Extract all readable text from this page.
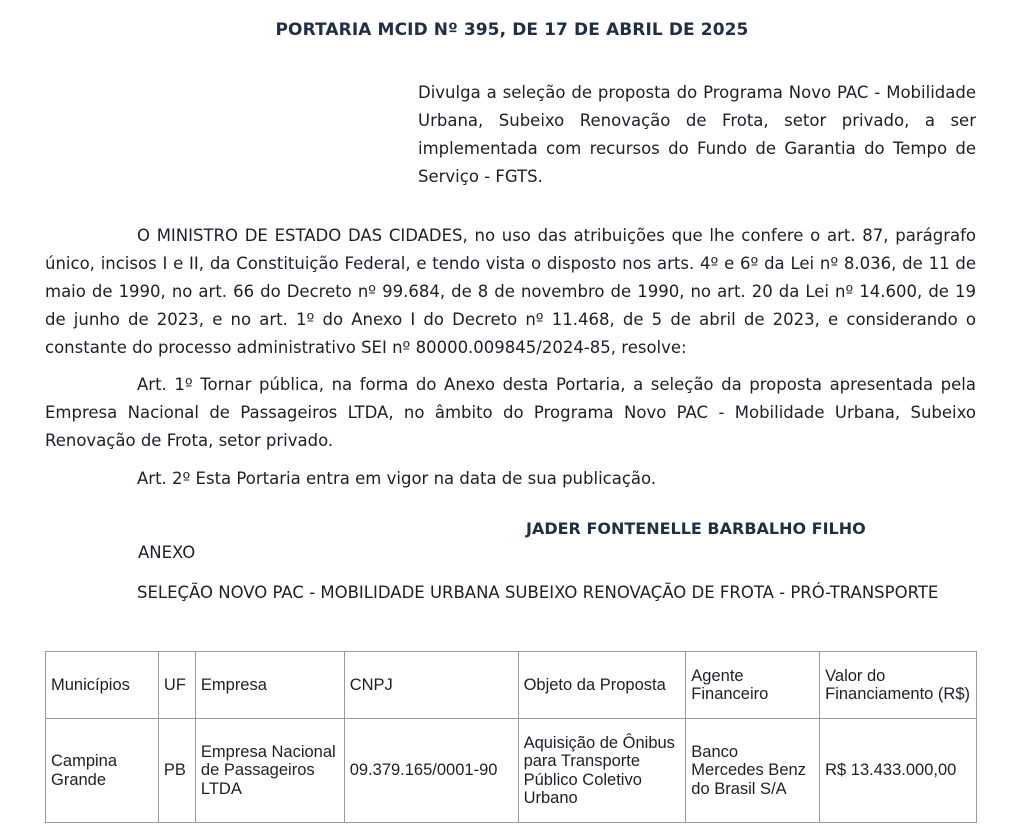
PORTARIA MCID Nº 395, DE 17 DE ABRIL DE 2025
Divulga a seleção de proposta do Programa Novo PAC - Mobilidade Urbana, Subeixo Renovação de Frota, setor privado, a ser implementada com recursos do Fundo de Garantia do Tempo de Serviço - FGTS.
O MINISTRO DE ESTADO DAS CIDADES, no uso das atribuições que lhe confere o art. 87, parágrafo único, incisos I e II, da Constituição Federal, e tendo vista o disposto nos arts. 4º e 6º da Lei nº 8.036, de 11 de maio de 1990, no art. 66 do Decreto nº 99.684, de 8 de novembro de 1990, no art. 20 da Lei nº 14.600, de 19 de junho de 2023, e no art. 1º do Anexo I do Decreto nº 11.468, de 5 de abril de 2023, e considerando o constante do processo administrativo SEI nº 80000.009845/2024-85, resolve:
Art. 1º Tornar pública, na forma do Anexo desta Portaria, a seleção da proposta apresentada pela Empresa Nacional de Passageiros LTDA, no âmbito do Programa Novo PAC - Mobilidade Urbana, Subeixo Renovação de Frota, setor privado.
Art. 2º Esta Portaria entra em vigor na data de sua publicação.
JADER FONTENELLE BARBALHO FILHO
ANEXO
SELEÇÃO NOVO PAC - MOBILIDADE URBANA SUBEIXO RENOVAÇÃO DE FROTA - PRÓ-TRANSPORTE
Municípios	UF	Empresa	CNPJ	Objeto da Proposta	Agente Financeiro	Valor do Financiamento (R$)
Campina Grande	PB	Empresa Nacional de Passageiros LTDA	09.379.165/0001-90	Aquisição de Ônibus para Transporte Público Coletivo Urbano	Banco Mercedes Benz do Brasil S/A	R$ 13.433.000,00
